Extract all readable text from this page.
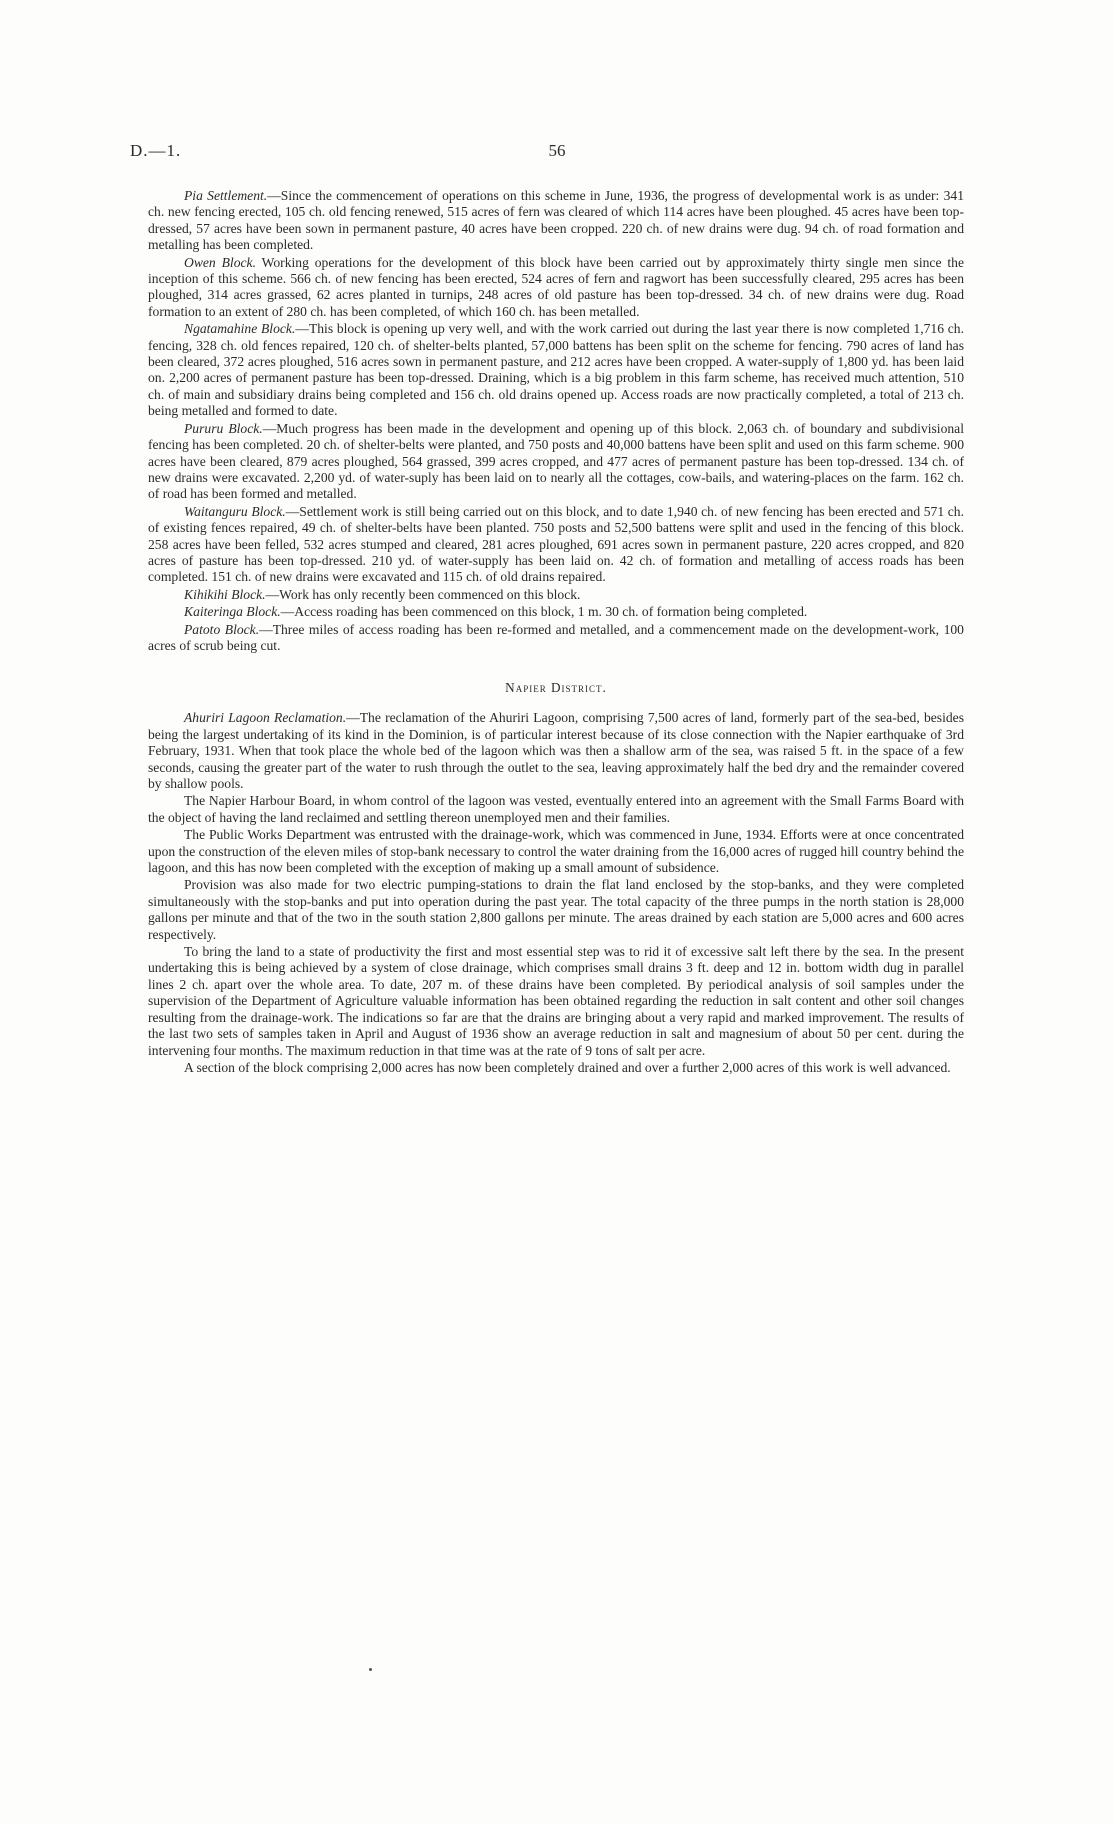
D.—1.	56

Pia Settlement.—Since the commencement of operations on this scheme in June, 1936, the progress of developmental work is as under: 341 ch. new fencing erected, 105 ch. old fencing renewed, 515 acres of fern was cleared of which 114 acres have been ploughed. 45 acres have been top-dressed, 57 acres have been sown in permanent pasture, 40 acres have been cropped. 220 ch. of new drains were dug. 94 ch. of road formation and metalling has been completed.

Owen Block. Working operations for the development of this block have been carried out by approximately thirty single men since the inception of this scheme. 566 ch. of new fencing has been erected, 524 acres of fern and ragwort has been successfully cleared, 295 acres has been ploughed, 314 acres grassed, 62 acres planted in turnips, 248 acres of old pasture has been top-dressed. 34 ch. of new drains were dug. Road formation to an extent of 280 ch. has been completed, of which 160 ch. has been metalled.

Ngatamahine Block.—This block is opening up very well, and with the work carried out during the last year there is now completed 1,716 ch. fencing, 328 ch. old fences repaired, 120 ch. of shelter-belts planted, 57,000 battens has been split on the scheme for fencing. 790 acres of land has been cleared, 372 acres ploughed, 516 acres sown in permanent pasture, and 212 acres have been cropped. A water-supply of 1,800 yd. has been laid on. 2,200 acres of permanent pasture has been top-dressed. Draining, which is a big problem in this farm scheme, has received much attention, 510 ch. of main and subsidiary drains being completed and 156 ch. old drains opened up. Access roads are now practically completed, a total of 213 ch. being metalled and formed to date.

Pururu Block.—Much progress has been made in the development and opening up of this block. 2,063 ch. of boundary and subdivisional fencing has been completed. 20 ch. of shelter-belts were planted, and 750 posts and 40,000 battens have been split and used on this farm scheme. 900 acres have been cleared, 879 acres ploughed, 564 grassed, 399 acres cropped, and 477 acres of permanent pasture has been top-dressed. 134 ch. of new drains were excavated. 2,200 yd. of water-suply has been laid on to nearly all the cottages, cow-bails, and watering-places on the farm. 162 ch. of road has been formed and metalled.

Waitanguru Block.—Settlement work is still being carried out on this block, and to date 1,940 ch. of new fencing has been erected and 571 ch. of existing fences repaired, 49 ch. of shelter-belts have been planted. 750 posts and 52,500 battens were split and used in the fencing of this block. 258 acres have been felled, 532 acres stumped and cleared, 281 acres ploughed, 691 acres sown in permanent pasture, 220 acres cropped, and 820 acres of pasture has been top-dressed. 210 yd. of water-supply has been laid on. 42 ch. of formation and metalling of access roads has been completed. 151 ch. of new drains were excavated and 115 ch. of old drains repaired.

Kihikihi Block.—Work has only recently been commenced on this block.

Kaiteringa Block.—Access roading has been commenced on this block, 1 m. 30 ch. of formation being completed.

Patoto Block.—Three miles of access roading has been re-formed and metalled, and a commencement made on the development-work, 100 acres of scrub being cut.

Napier District.

Ahuriri Lagoon Reclamation.—The reclamation of the Ahuriri Lagoon, comprising 7,500 acres of land, formerly part of the sea-bed, besides being the largest undertaking of its kind in the Dominion, is of particular interest because of its close connection with the Napier earthquake of 3rd February, 1931. When that took place the whole bed of the lagoon which was then a shallow arm of the sea, was raised 5 ft. in the space of a few seconds, causing the greater part of the water to rush through the outlet to the sea, leaving approximately half the bed dry and the remainder covered by shallow pools.

The Napier Harbour Board, in whom control of the lagoon was vested, eventually entered into an agreement with the Small Farms Board with the object of having the land reclaimed and settling thereon unemployed men and their families.

The Public Works Department was entrusted with the drainage-work, which was commenced in June, 1934. Efforts were at once concentrated upon the construction of the eleven miles of stop-bank necessary to control the water draining from the 16,000 acres of rugged hill country behind the lagoon, and this has now been completed with the exception of making up a small amount of subsidence.

Provision was also made for two electric pumping-stations to drain the flat land enclosed by the stop-banks, and they were completed simultaneously with the stop-banks and put into operation during the past year. The total capacity of the three pumps in the north station is 28,000 gallons per minute and that of the two in the south station 2,800 gallons per minute. The areas drained by each station are 5,000 acres and 600 acres respectively.

To bring the land to a state of productivity the first and most essential step was to rid it of excessive salt left there by the sea. In the present undertaking this is being achieved by a system of close drainage, which comprises small drains 3 ft. deep and 12 in. bottom width dug in parallel lines 2 ch. apart over the whole area. To date, 207 m. of these drains have been completed. By periodical analysis of soil samples under the supervision of the Department of Agriculture valuable information has been obtained regarding the reduction in salt content and other soil changes resulting from the drainage-work. The indications so far are that the drains are bringing about a very rapid and marked improvement. The results of the last two sets of samples taken in April and August of 1936 show an average reduction in salt and magnesium of about 50 per cent. during the intervening four months. The maximum reduction in that time was at the rate of 9 tons of salt per acre.

A section of the block comprising 2,000 acres has now been completely drained and over a further 2,000 acres of this work is well advanced.
